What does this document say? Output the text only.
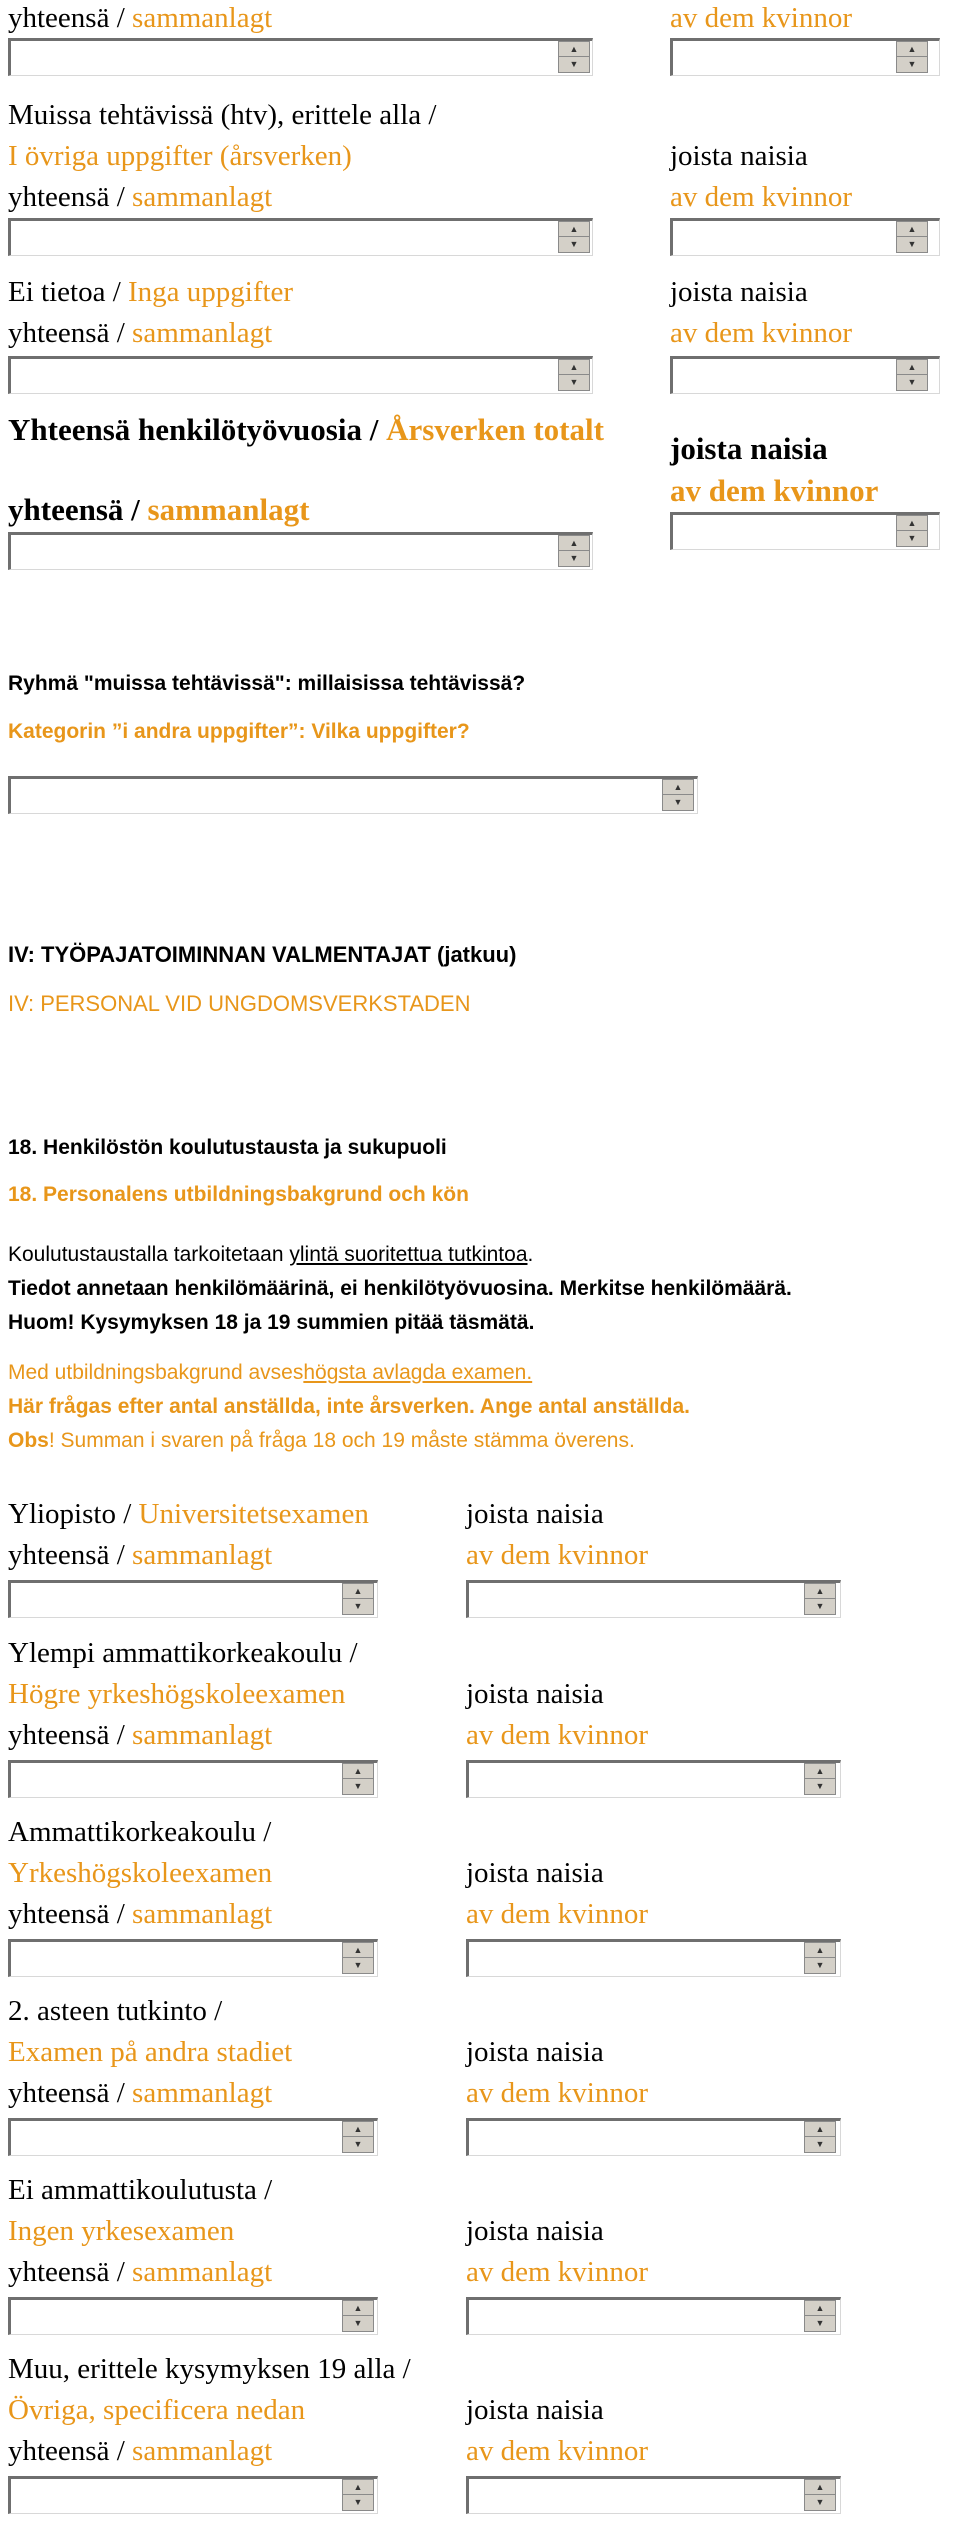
yhteensä / sammanlagt	av dem kvinnor
▲
▼
▲
▼
Muissa tehtävissä (htv), erittele alla /
I övriga uppgifter (årsverken)
yhteensä / sammanlagt
joista naisia
av dem kvinnor
▲
▼
▲
▼
Ei tietoa / Inga uppgifter
yhteensä / sammanlagt
joista naisia
av dem kvinnor
▲
▼
▲
▼
Yhteensä henkilötyövuosia / Årsverken totalt
yhteensä / sammanlagt
joista naisia
av dem kvinnor
▲
▼
▲
▼
Ryhmä "muissa tehtävissä": millaisissa tehtävissä?
Kategorin ”i andra uppgifter”: Vilka uppgifter?
▲
▼
IV: TYÖPAJATOIMINNAN VALMENTAJAT (jatkuu)
IV: PERSONAL VID UNGDOMSVERKSTADEN
18. Henkilöstön koulutustausta ja sukupuoli
18. Personalens utbildningsbakgrund och kön
Koulutustaustalla tarkoitetaan ylintä suoritettua tutkintoa.
Tiedot annetaan henkilömäärinä, ei henkilötyövuosina. Merkitse henkilömäärä.
Huom! Kysymyksen 18 ja 19 summien pitää täsmätä.
Med utbildningsbakgrund avseshögsta avlagda examen.
Här frågas efter antal anställda, inte årsverken. Ange antal anställda.
Obs! Summan i svaren på fråga 18 och 19 måste stämma överens.
Yliopisto / Universitetsexamen
yhteensä / sammanlagt
joista naisia
av dem kvinnor
▲
▼
▲
▼
Ylempi ammattikorkeakoulu /
Högre yrkeshögskoleexamen
yhteensä / sammanlagt
joista naisia
av dem kvinnor
▲
▼
▲
▼
Ammattikorkeakoulu /
Yrkeshögskoleexamen
yhteensä / sammanlagt
joista naisia
av dem kvinnor
▲
▼
▲
▼
2. asteen tutkinto /
Examen på andra stadiet
yhteensä / sammanlagt
joista naisia
av dem kvinnor
▲
▼
▲
▼
Ei ammattikoulutusta /
Ingen yrkesexamen
yhteensä / sammanlagt
joista naisia
av dem kvinnor
▲
▼
▲
▼
Muu, erittele kysymyksen 19 alla /
Övriga, specificera nedan
yhteensä / sammanlagt
joista naisia
av dem kvinnor
▲
▼
▲
▼
